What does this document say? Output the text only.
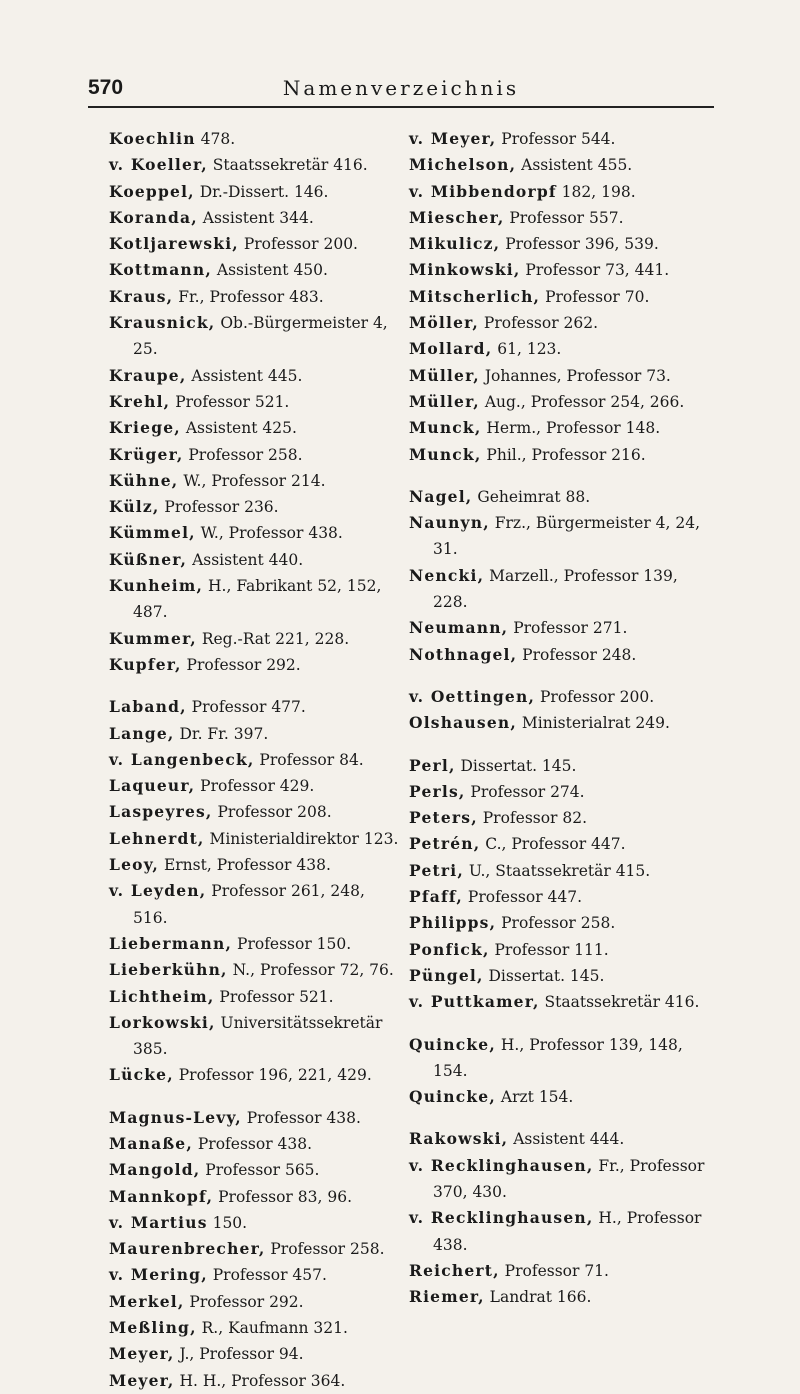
570	Namenverzeichnis
Koechlin 478.
v. Koeller, Staatssekretär 416.
Koeppel, Dr.-Dissert. 146.
Koranda, Assistent 344.
Kotljarewski, Professor 200.
Kottmann, Assistent 450.
Kraus, Fr., Professor 483.
Krausnick, Ob.-Bürgermeister 4, 25.
Kraupe, Assistent 445.
Krehl, Professor 521.
Kriege, Assistent 425.
Krüger, Professor 258.
Kühne, W., Professor 214.
Külz, Professor 236.
Kümmel, W., Professor 438.
Küßner, Assistent 440.
Kunheim, H., Fabrikant 52, 152, 487.
Kummer, Reg.-Rat 221, 228.
Kupfer, Professor 292.
Laband, Professor 477.
Lange, Dr. Fr. 397.
v. Langenbeck, Professor 84.
Laqueur, Professor 429.
Laspeyres, Professor 208.
Lehnerdt, Ministerialdirektor 123.
Leoy, Ernst, Professor 438.
v. Leyden, Professor 261, 248, 516.
Liebermann, Professor 150.
Lieberkühn, N., Professor 72, 76.
Lichtheim, Professor 521.
Lorkowski, Universitätssekretär 385.
Lücke, Professor 196, 221, 429.
Magnus-Levy, Professor 438.
Manaße, Professor 438.
Mangold, Professor 565.
Mannkopf, Professor 83, 96.
v. Martius 150.
Maurenbrecher, Professor 258.
v. Mering, Professor 457.
Merkel, Professor 292.
Meßling, R., Kaufmann 321.
Meyer, J., Professor 94.
Meyer, H. H., Professor 364.
v. Meyer, Professor 544.
Michelson, Assistent 455.
v. Mibbendorpf 182, 198.
Miescher, Professor 557.
Mikulicz, Professor 396, 539.
Minkowski, Professor 73, 441.
Mitscherlich, Professor 70.
Möller, Professor 262.
Mollard, 61, 123.
Müller, Johannes, Professor 73.
Müller, Aug., Professor 254, 266.
Munck, Herm., Professor 148.
Munck, Phil., Professor 216.
Nagel, Geheimrat 88.
Naunyn, Frz., Bürgermeister 4, 24, 31.
Nencki, Marzell., Professor 139, 228.
Neumann, Professor 271.
Nothnagel, Professor 248.
v. Oettingen, Professor 200.
Olshausen, Ministerialrat 249.
Perl, Dissertat. 145.
Perls, Professor 274.
Peters, Professor 82.
Petrén, C., Professor 447.
Petri, U., Staatssekretär 415.
Pfaff, Professor 447.
Philipps, Professor 258.
Ponfick, Professor 111.
Püngel, Dissertat. 145.
v. Puttkamer, Staatssekretär 416.
Quincke, H., Professor 139, 148, 154.
Quincke, Arzt 154.
Rakowski, Assistent 444.
v. Recklinghausen, Fr., Professor 370, 430.
v. Recklinghausen, H., Professor 438.
Reichert, Professor 71.
Riemer, Landrat 166.
